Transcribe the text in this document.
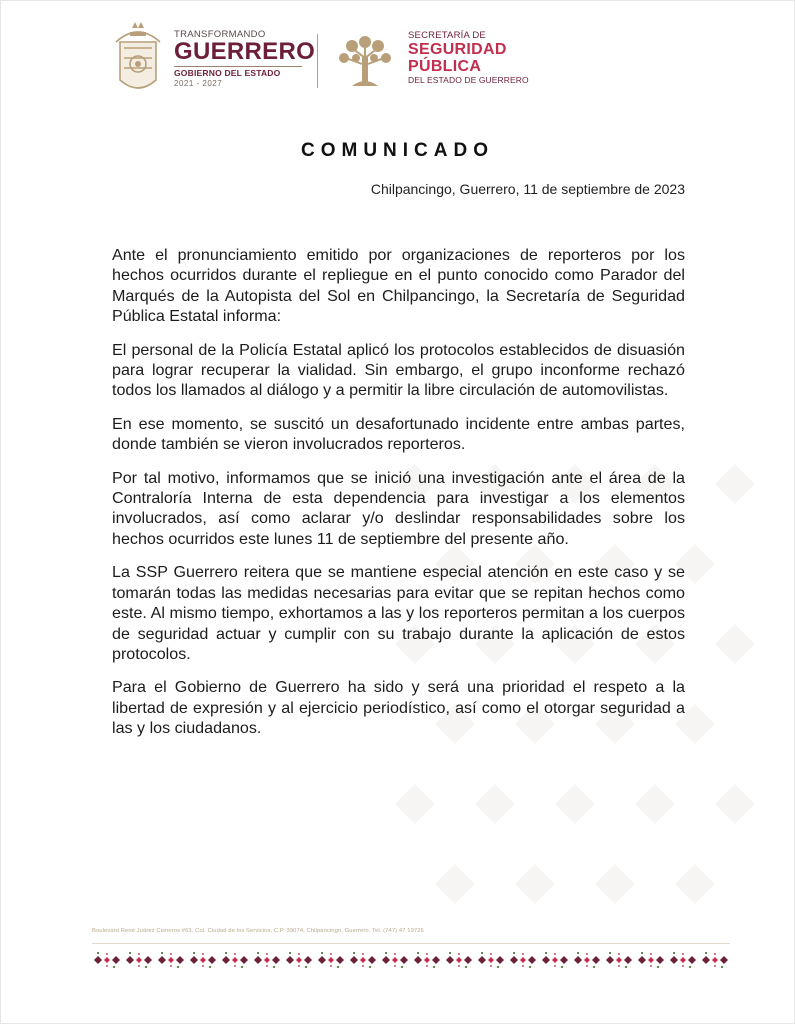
TRANSFORMANDO
GUERRERO
GOBIERNO DEL ESTADO
2021 - 2027
SECRETARÍA DE
SEGURIDAD
PÚBLICA
DEL ESTADO DE GUERRERO
COMUNICADO
Chilpancingo, Guerrero, 11 de septiembre de 2023

Ante el pronunciamiento emitido por organizaciones de reporteros por los hechos ocurridos durante el repliegue en el punto conocido como Parador del Marqués de la Autopista del Sol en Chilpancingo, la Secretaría de Seguridad Pública Estatal informa:

El personal de la Policía Estatal aplicó los protocolos establecidos de disuasión para lograr recuperar la vialidad. Sin embargo, el grupo inconforme rechazó todos los llamados al diálogo y a permitir la libre circulación de automovilistas.

En ese momento, se suscitó un desafortunado incidente entre ambas partes, donde también se vieron involucrados reporteros.

Por tal motivo, informamos que se inició una investigación ante el área de la Contraloría Interna de esta dependencia para investigar a los elementos involucrados, así como aclarar y/o deslindar responsabilidades sobre los hechos ocurridos este lunes 11 de septiembre del presente año.

La SSP Guerrero reitera que se mantiene especial atención en este caso y se tomarán todas las medidas necesarias para evitar que se repitan hechos como este. Al mismo tiempo, exhortamos a las y los reporteros permitan a los cuerpos de seguridad actuar y cumplir con su trabajo durante la aplicación de estos protocolos.

Para el Gobierno de Guerrero ha sido y será una prioridad el respeto a la libertad de expresión y al ejercicio periodístico, así como el otorgar seguridad a las y los ciudadanos.

Boulevard René Juárez Cisneros #63, Col. Ciudad de los Servicios, C.P. 39074, Chilpancingo, Guerrero. Tel. (747) 47 19726
